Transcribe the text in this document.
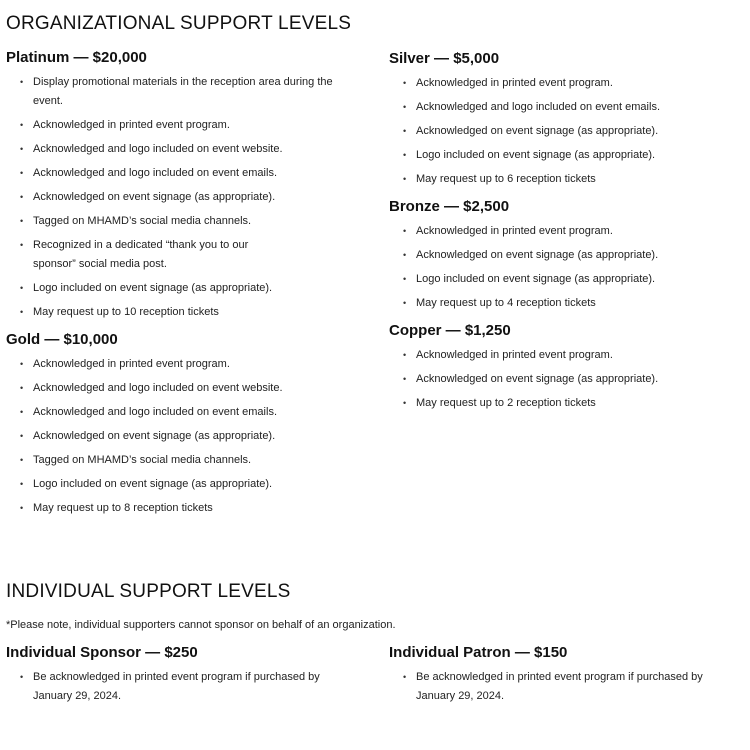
ORGANIZATIONAL SUPPORT LEVELS
Platinum — $20,000
• Display promotional materials in the reception area during the event.
• Acknowledged in printed event program.
• Acknowledged and logo included on event website.
• Acknowledged and logo included on event emails.
• Acknowledged on event signage (as appropriate).
• Tagged on MHAMD’s social media channels.
• Recognized in a dedicated “thank you to our sponsor” social media post.
• Logo included on event signage (as appropriate).
• May request up to 10 reception tickets
Gold — $10,000
• Acknowledged in printed event program.
• Acknowledged and logo included on event website.
• Acknowledged and logo included on event emails.
• Acknowledged on event signage (as appropriate).
• Tagged on MHAMD’s social media channels.
• Logo included on event signage (as appropriate).
• May request up to 8 reception tickets
Silver — $5,000
• Acknowledged in printed event program.
• Acknowledged and logo included on event emails.
• Acknowledged on event signage (as appropriate).
• Logo included on event signage (as appropriate).
• May request up to 6 reception tickets
Bronze — $2,500
• Acknowledged in printed event program.
• Acknowledged on event signage (as appropriate).
• Logo included on event signage (as appropriate).
• May request up to 4 reception tickets
Copper — $1,250
• Acknowledged in printed event program.
• Acknowledged on event signage (as appropriate).
• May request up to 2 reception tickets
INDIVIDUAL SUPPORT LEVELS

*Please note, individual supporters cannot sponsor on behalf of an organization.

Individual Sponsor — $250
• Be acknowledged in printed event program if purchased by January 29, 2024.
Individual Patron — $150
• Be acknowledged in printed event program if purchased by January 29, 2024.
